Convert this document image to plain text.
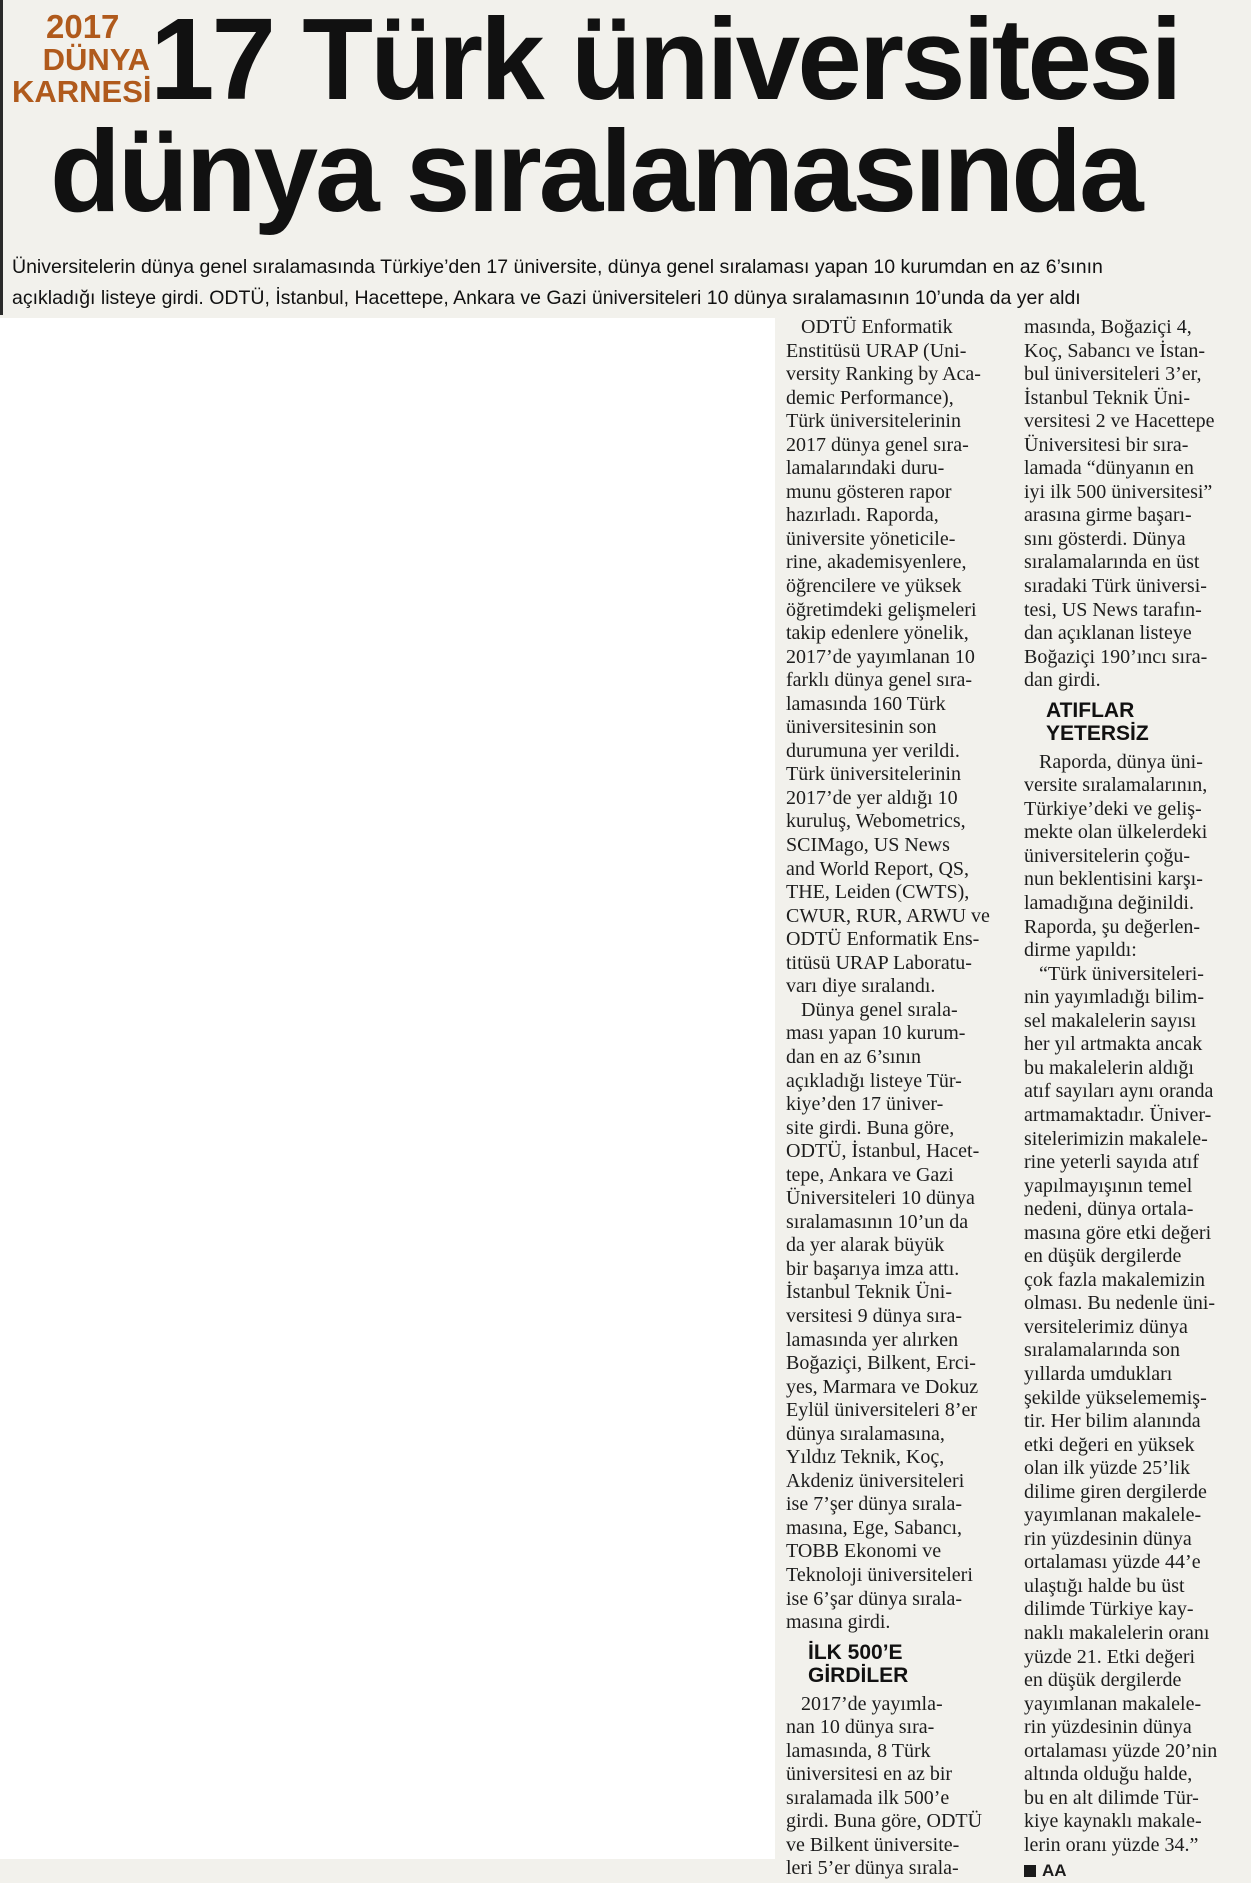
2017
DÜNYA
KARNESİ
17 Türk üniversitesi
dünya sıralamasında
Üniversitelerin dünya genel sıralamasında Türkiye’den 17 üniversite, dünya genel sıralaması yapan 10 kurumdan en az 6’sının
açıkladığı listeye girdi. ODTÜ, İstanbul, Hacettepe, Ankara ve Gazi üniversiteleri 10 dünya sıralamasının 10’unda da yer aldı
ODTÜ Enformatik
Enstitüsü URAP (Uni-
versity Ranking by Aca-
demic Performance),
Türk üniversitelerinin
2017 dünya genel sıra-
lamalarındaki duru-
munu gösteren rapor
hazırladı. Raporda,
üniversite yöneticile-
rine, akademisyenlere,
öğrencilere ve yüksek
öğretimdeki gelişmeleri
takip edenlere yönelik,
2017’de yayımlanan 10
farklı dünya genel sıra-
lamasında 160 Türk
üniversitesinin son
durumuna yer verildi.
Türk üniversitelerinin
2017’de yer aldığı 10
kuruluş, Webometrics,
SCIMago, US News
and World Report, QS,
THE, Leiden (CWTS),
CWUR, RUR, ARWU ve
ODTÜ Enformatik Ens-
titüsü URAP Laboratu-
varı diye sıralandı.
Dünya genel sırala-
ması yapan 10 kurum-
dan en az 6’sının
açıkladığı listeye Tür-
kiye’den 17 üniver-
site girdi. Buna göre,
ODTÜ, İstanbul, Hacet-
tepe, Ankara ve Gazi
Üniversiteleri 10 dünya
sıralamasının 10’un da
da yer alarak büyük
bir başarıya imza attı.
İstanbul Teknik Üni-
versitesi 9 dünya sıra-
lamasında yer alırken
Boğaziçi, Bilkent, Erci-
yes, Marmara ve Dokuz
Eylül üniversiteleri 8’er
dünya sıralamasına,
Yıldız Teknik, Koç,
Akdeniz üniversiteleri
ise 7’şer dünya sırala-
masına, Ege, Sabancı,
TOBB Ekonomi ve
Teknoloji üniversiteleri
ise 6’şar dünya sırala-
masına girdi.
İLK 500’E
GİRDİLER
2017’de yayımla-
nan 10 dünya sıra-
lamasında, 8 Türk
üniversitesi en az bir
sıralamada ilk 500’e
girdi. Buna göre, ODTÜ
ve Bilkent üniversite-
leri 5’er dünya sırala-
masında, Boğaziçi 4,
Koç, Sabancı ve İstan-
bul üniversiteleri 3’er,
İstanbul Teknik Üni-
versitesi 2 ve Hacettepe
Üniversitesi bir sıra-
lamada “dünyanın en
iyi ilk 500 üniversitesi”
arasına girme başarı-
sını gösterdi. Dünya
sıralamalarında en üst
sıradaki Türk üniversi-
tesi, US News tarafın-
dan açıklanan listeye
Boğaziçi 190’ıncı sıra-
dan girdi.
ATIFLAR
YETERSİZ
Raporda, dünya üni-
versite sıralamalarının,
Türkiye’deki ve geliş-
mekte olan ülkelerdeki
üniversitelerin çoğu-
nun beklentisini karşı-
lamadığına değinildi.
Raporda, şu değerlen-
dirme yapıldı:
“Türk üniversiteleri-
nin yayımladığı bilim-
sel makalelerin sayısı
her yıl artmakta ancak
bu makalelerin aldığı
atıf sayıları aynı oranda
artmamaktadır. Üniver-
sitelerimizin makalele-
rine yeterli sayıda atıf
yapılmayışının temel
nedeni, dünya ortala-
masına göre etki değeri
en düşük dergilerde
çok fazla makalemizin
olması. Bu nedenle üni-
versitelerimiz dünya
sıralamalarında son
yıllarda umdukları
şekilde yükselememiş-
tir. Her bilim alanında
etki değeri en yüksek
olan ilk yüzde 25’lik
dilime giren dergilerde
yayımlanan makalele-
rin yüzdesinin dünya
ortalaması yüzde 44’e
ulaştığı halde bu üst
dilimde Türkiye kay-
naklı makalelerin oranı
yüzde 21. Etki değeri
en düşük dergilerde
yayımlanan makalele-
rin yüzdesinin dünya
ortalaması yüzde 20’nin
altında olduğu halde,
bu en alt dilimde Tür-
kiye kaynaklı makale-
lerin oranı yüzde 34.”
AA
